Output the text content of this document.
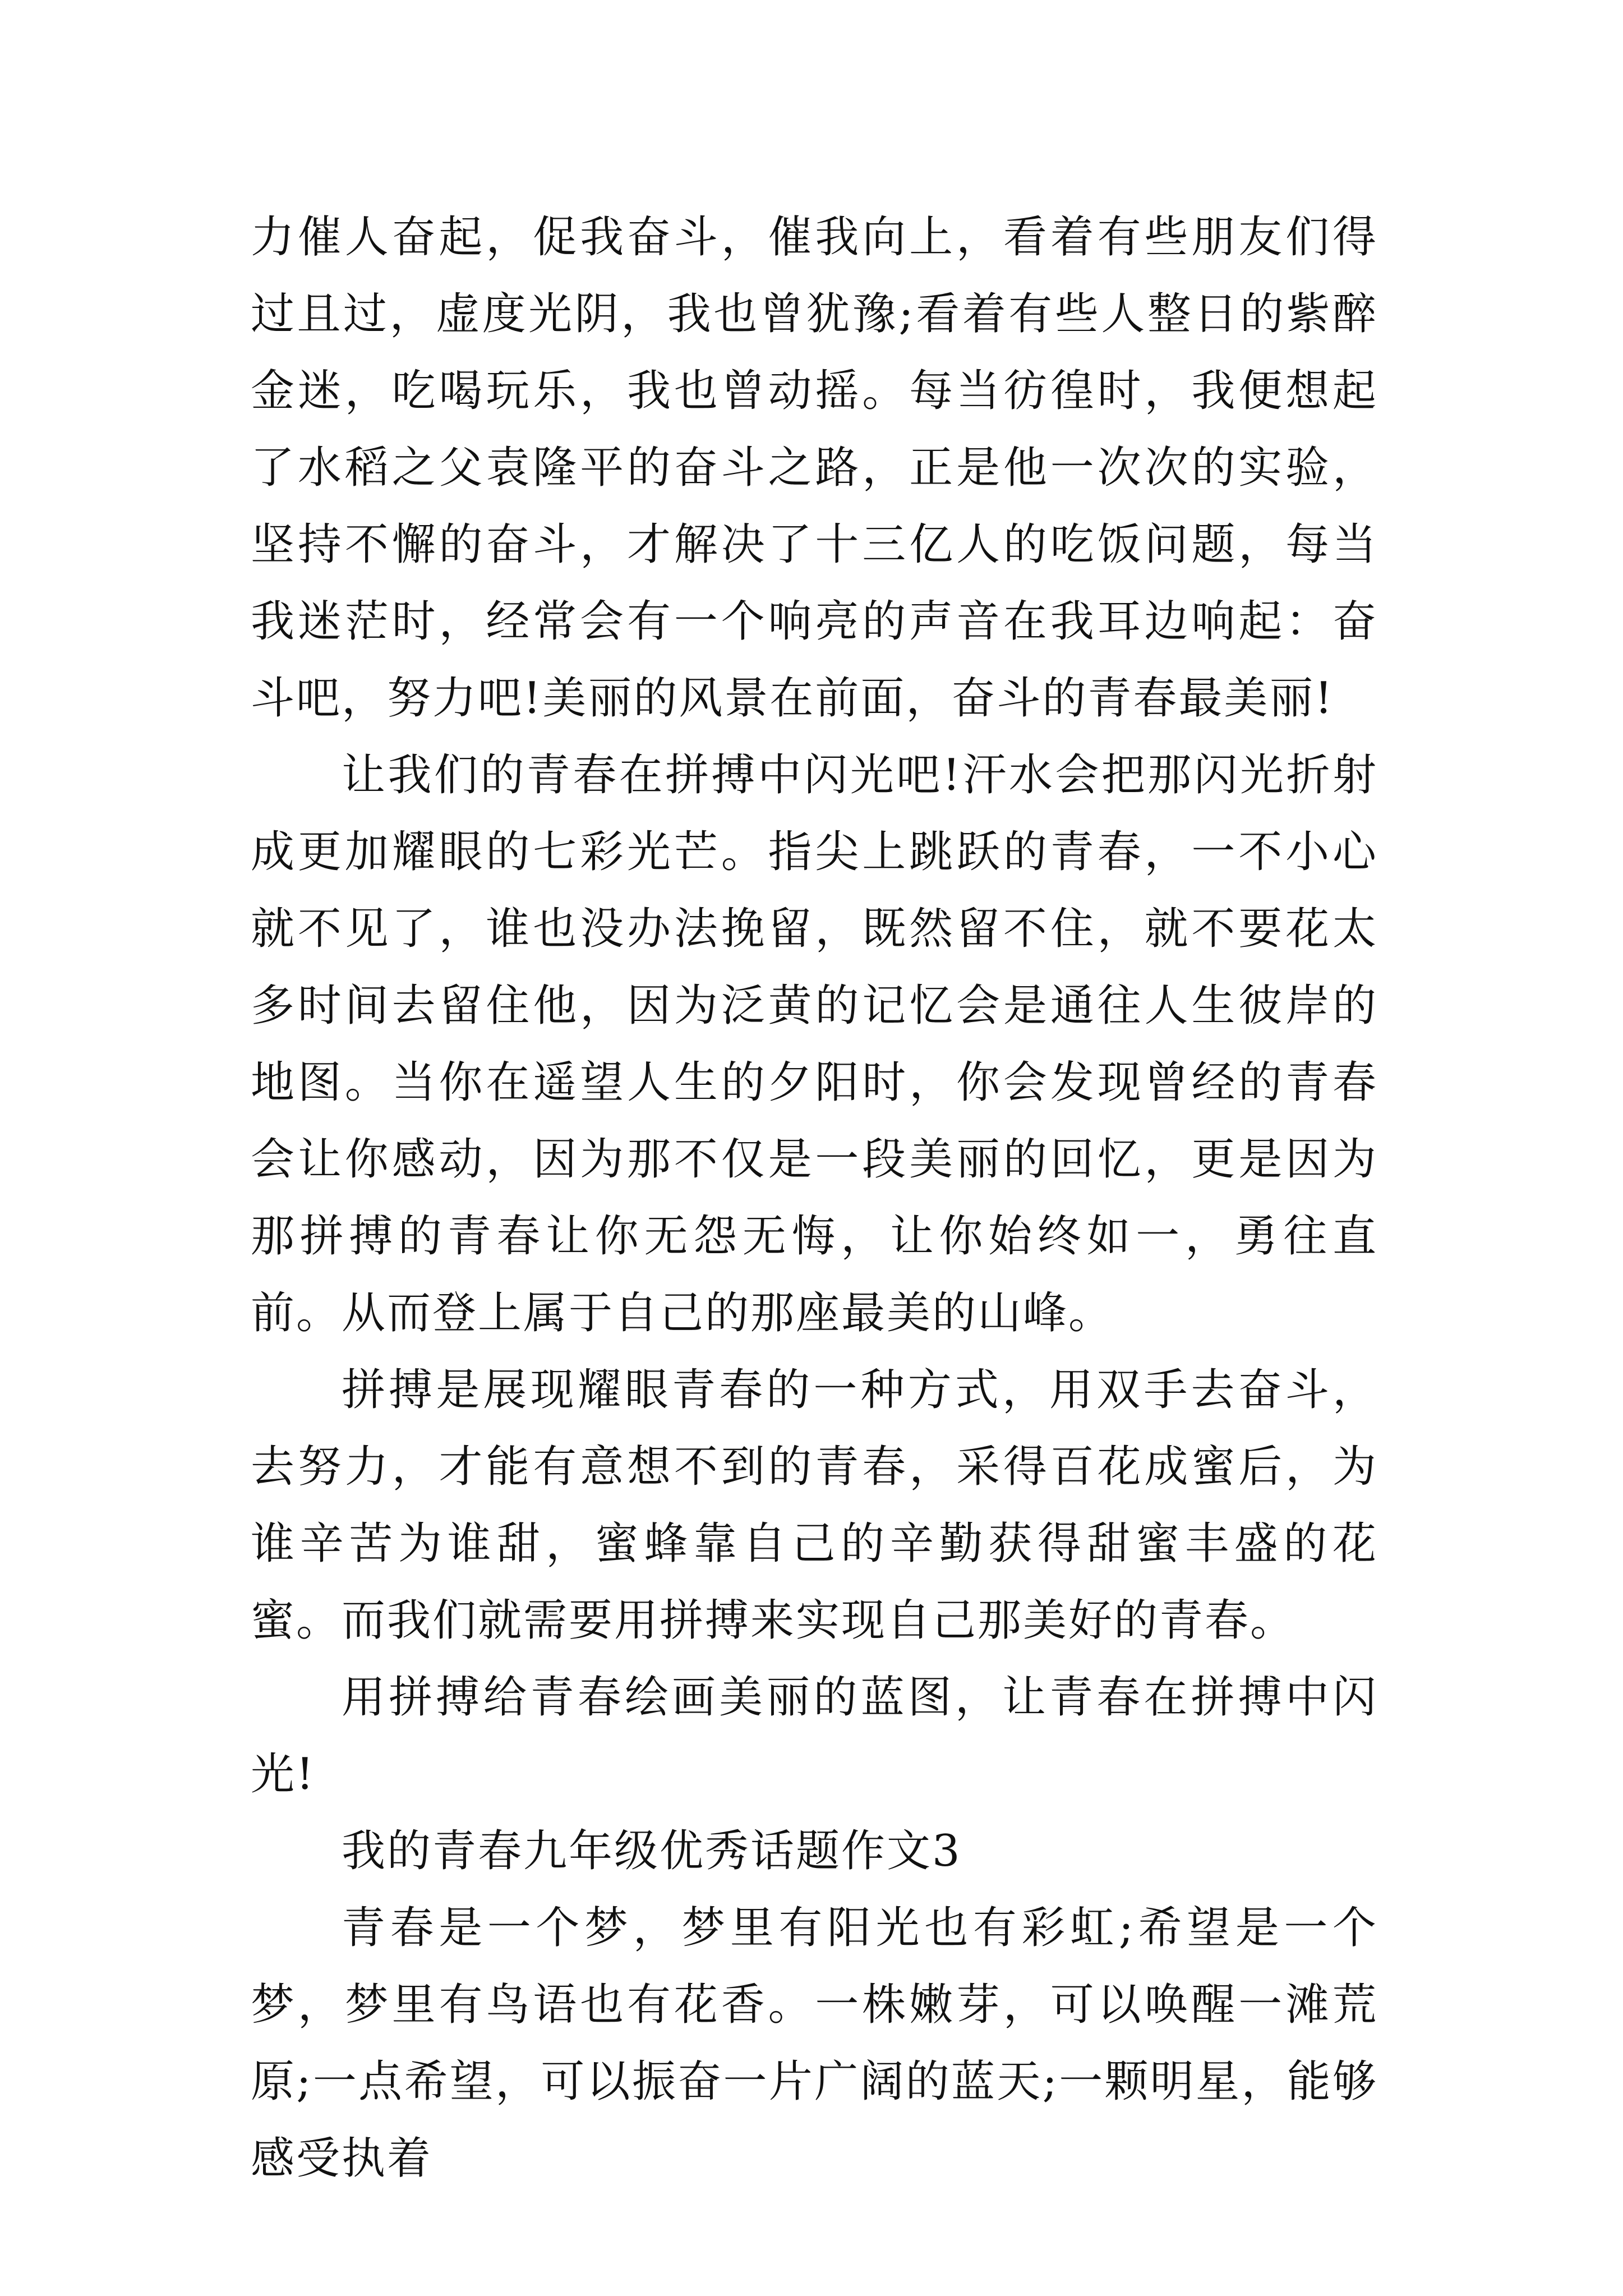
力催人奋起，促我奋斗，催我向上，看着有些朋友们得过且过，虚度光阴，我也曾犹豫;看着有些人整日的紫醉金迷，吃喝玩乐，我也曾动摇。每当彷徨时，我便想起了水稻之父袁隆平的奋斗之路，正是他一次次的实验，坚持不懈的奋斗，才解决了十三亿人的吃饭问题，每当我迷茫时，经常会有一个响亮的声音在我耳边响起：奋斗吧，努力吧!美丽的风景在前面，奋斗的青春最美丽!

让我们的青春在拼搏中闪光吧!汗水会把那闪光折射成更加耀眼的七彩光芒。指尖上跳跃的青春，一不小心就不见了，谁也没办法挽留，既然留不住，就不要花太多时间去留住他，因为泛黄的记忆会是通往人生彼岸的地图。当你在遥望人生的夕阳时，你会发现曾经的青春会让你感动，因为那不仅是一段美丽的回忆，更是因为那拼搏的青春让你无怨无悔，让你始终如一，勇往直前。从而登上属于自己的那座最美的山峰。

拼搏是展现耀眼青春的一种方式，用双手去奋斗，去努力，才能有意想不到的青春，采得百花成蜜后，为谁辛苦为谁甜，蜜蜂靠自己的辛勤获得甜蜜丰盛的花蜜。而我们就需要用拼搏来实现自己那美好的青春。

用拼搏给青春绘画美丽的蓝图，让青春在拼搏中闪光!

我的青春九年级优秀话题作文3

青春是一个梦，梦里有阳光也有彩虹;希望是一个梦，梦里有鸟语也有花香。一株嫩芽，可以唤醒一滩荒原;一点希望，可以振奋一片广阔的蓝天;一颗明星，能够感受执着
